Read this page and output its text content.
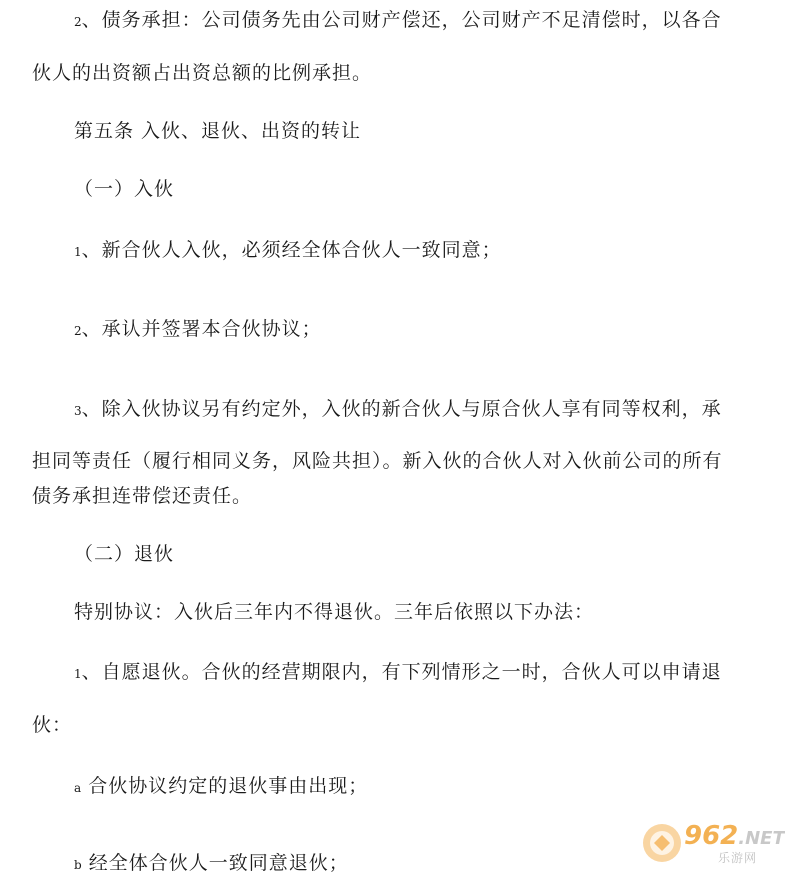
2、债务承担：公司债务先由公司财产偿还，公司财产不足清偿时，以各合
伙人的出资额占出资总额的比例承担。
第五条 入伙、退伙、出资的转让
（一）入伙
1、新合伙人入伙，必须经全体合伙人一致同意；
2、承认并签署本合伙协议；
3、除入伙协议另有约定外，入伙的新合伙人与原合伙人享有同等权利，承
担同等责任（履行相同义务，风险共担）。新入伙的合伙人对入伙前公司的所有
债务承担连带偿还责任。
（二）退伙
特别协议：入伙后三年内不得退伙。三年后依照以下办法：
1、自愿退伙。合伙的经营期限内，有下列情形之一时，合伙人可以申请退
伙：
a 合伙协议约定的退伙事由出现；
b 经全体合伙人一致同意退伙；
962.NET
乐游网
